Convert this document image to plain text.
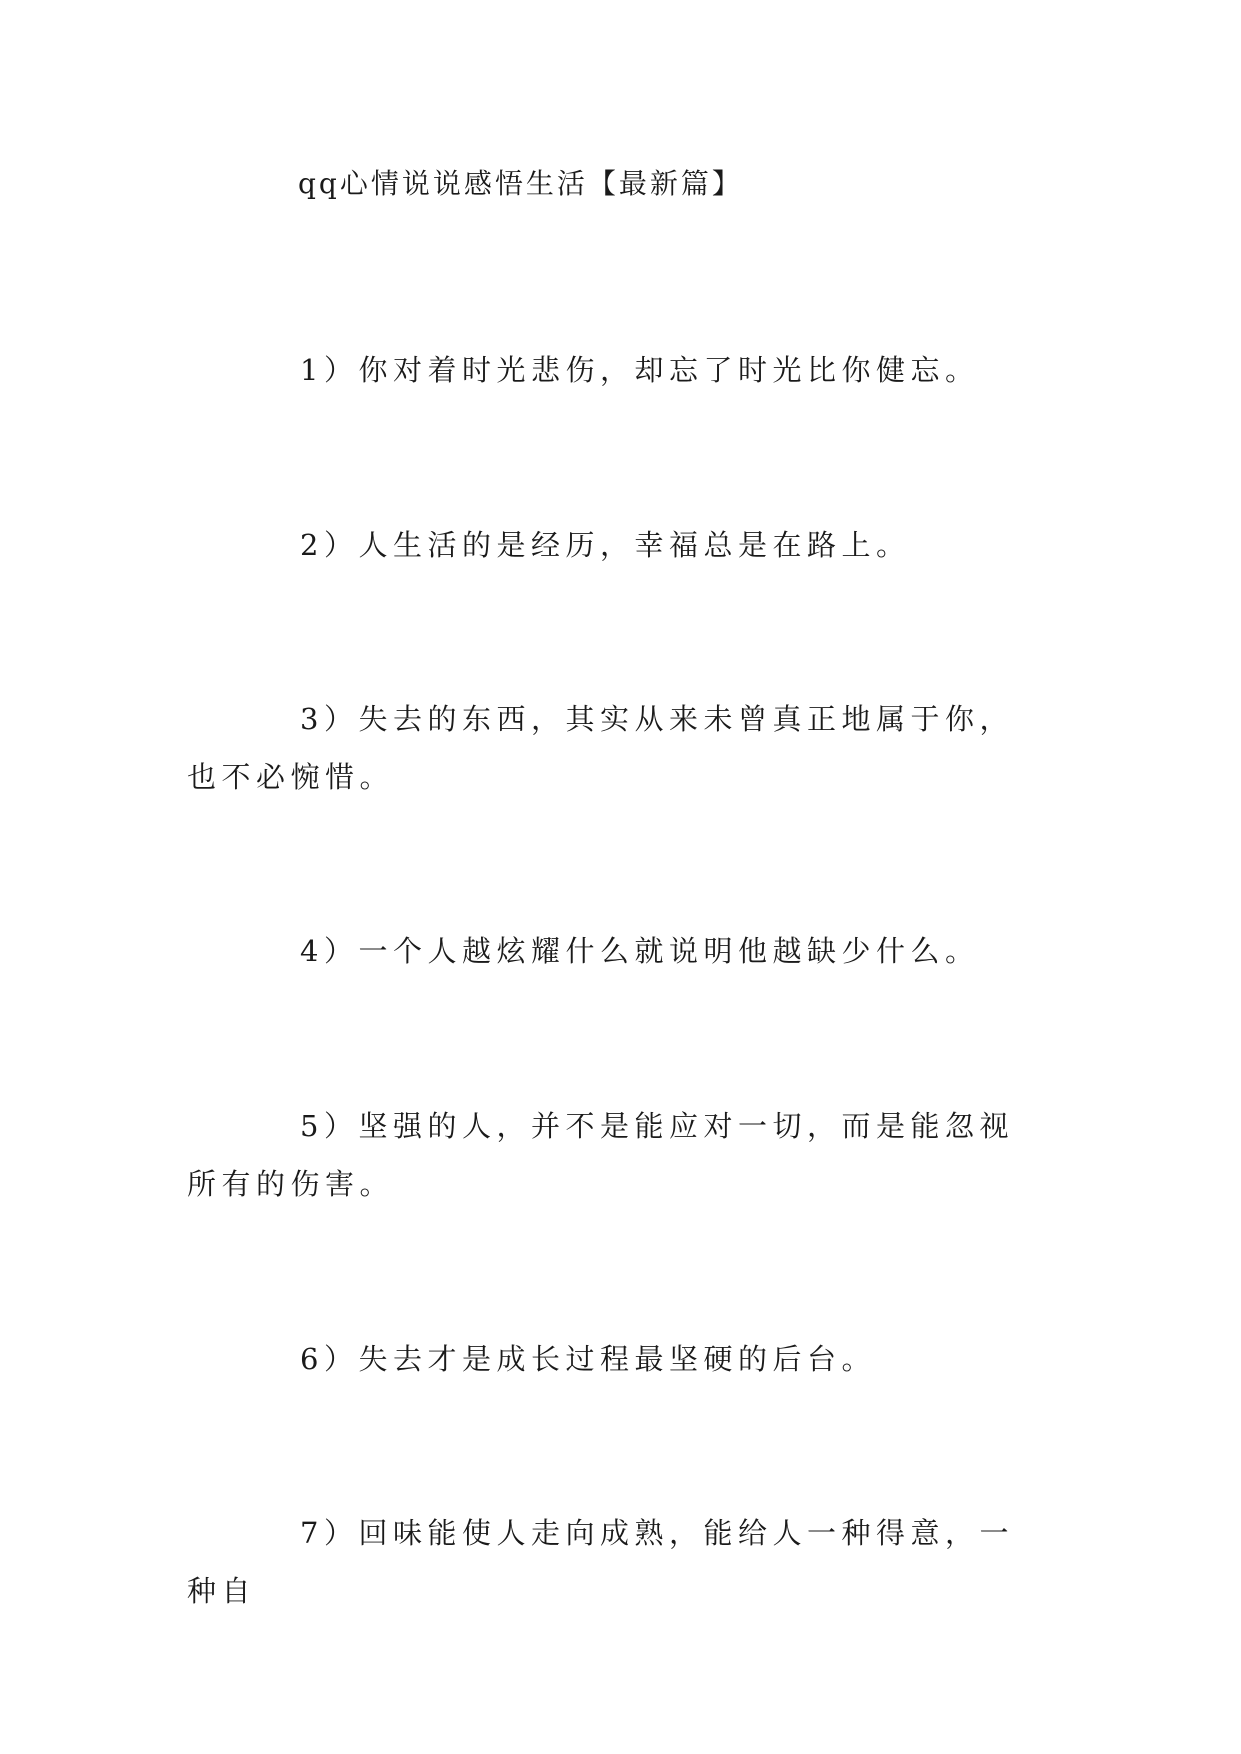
qq心情说说感悟生活【最新篇】

1）你对着时光悲伤，却忘了时光比你健忘。

2）人生活的是经历，幸福总是在路上。

3）失去的东西，其实从来未曾真正地属于你，也不必惋惜。

4）一个人越炫耀什么就说明他越缺少什么。

5）坚强的人，并不是能应对一切，而是能忽视所有的伤害。

6）失去才是成长过程最坚硬的后台。

7）回味能使人走向成熟，能给人一种得意，一种自
